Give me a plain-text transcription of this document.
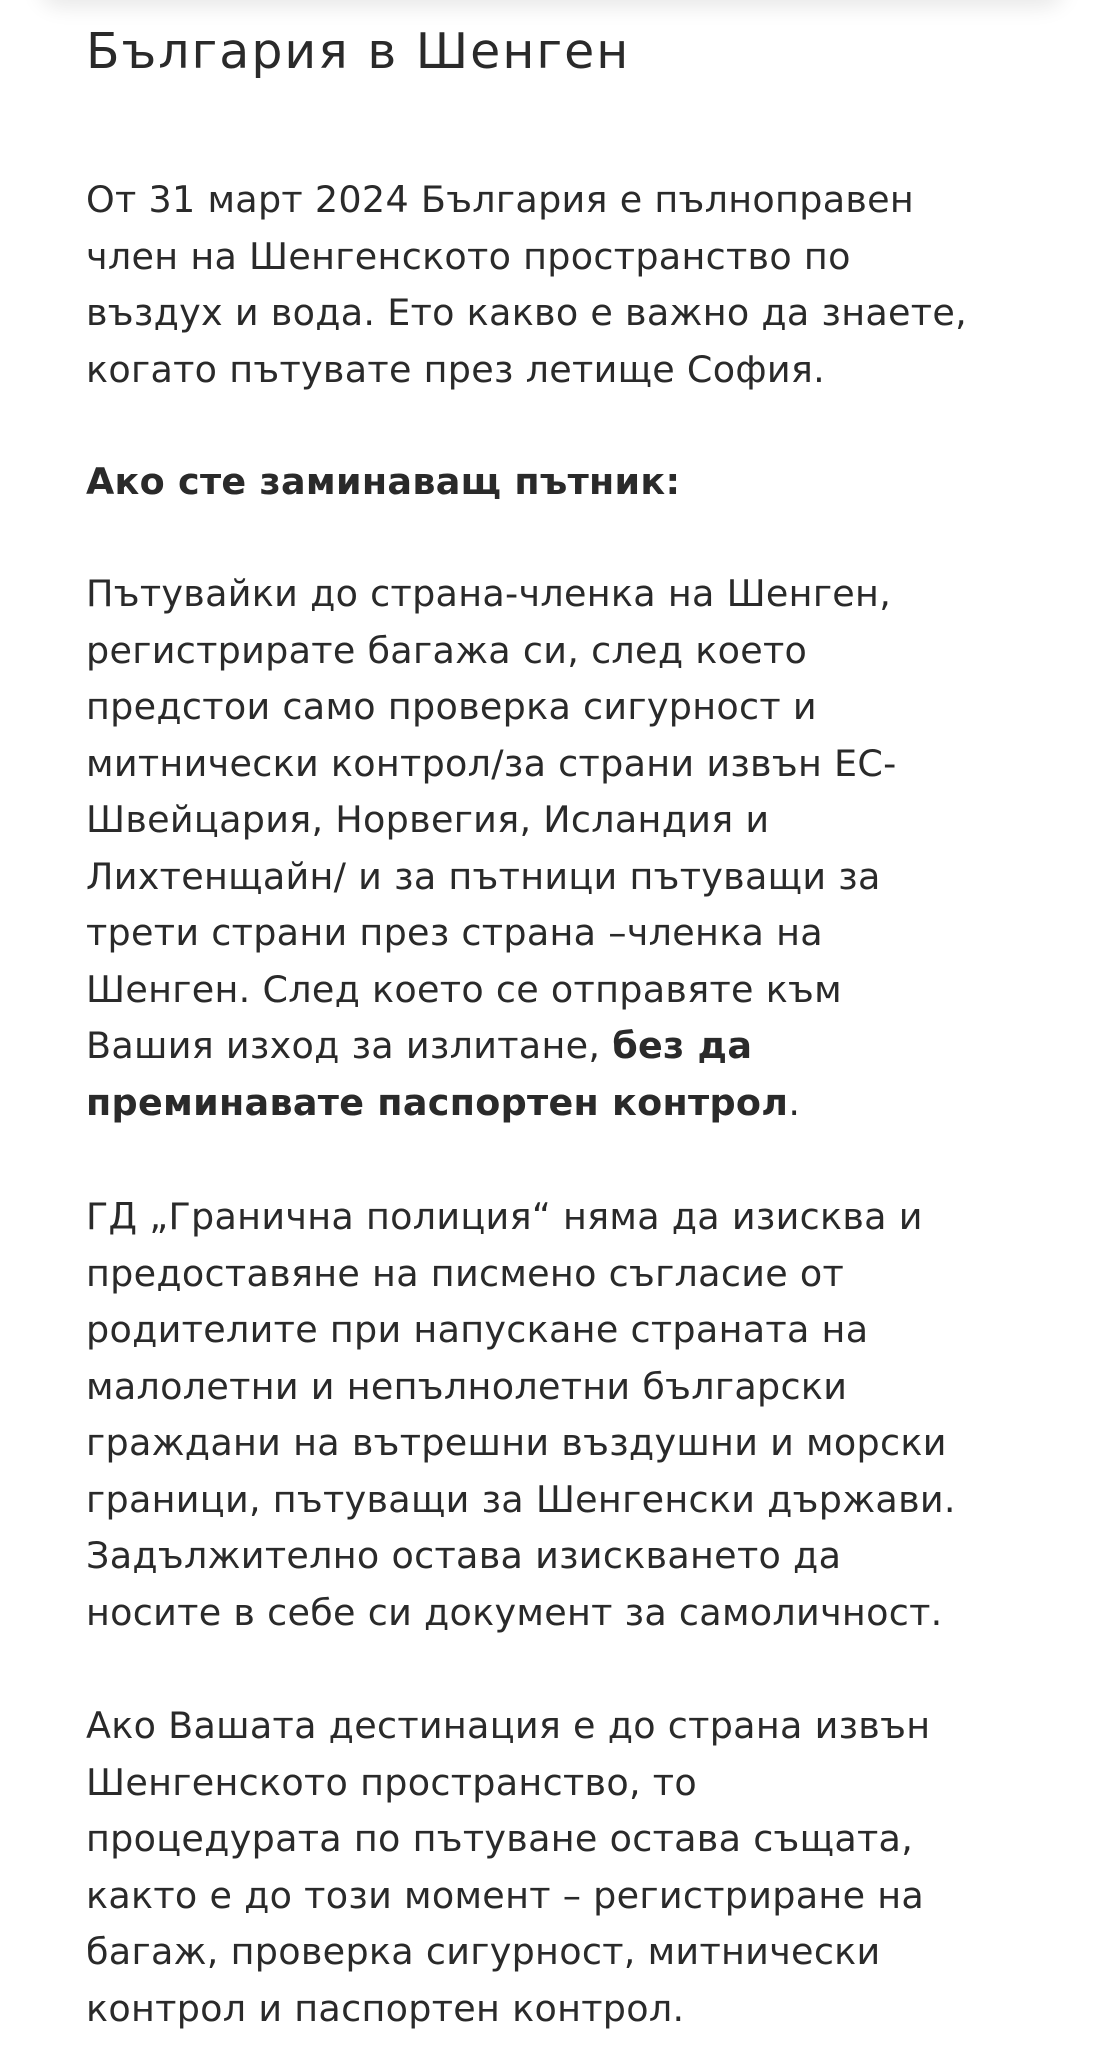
България в Шенген

От 31 март 2024 България е пълноправен
член на Шенгенското пространство по
въздух и вода. Ето какво е важно да знаете,
когато пътувате през летище София.

Ако сте заминаващ пътник:

Пътувайки до страна-членка на Шенген,
регистрирате багажа си, след което
предстои само проверка сигурност и
митнически контрол/за страни извън ЕС-
Швейцария, Норвегия, Исландия и
Лихтенщайн/ и за пътници пътуващи за
трети страни през страна –членка на
Шенген. След което се отправяте към
Вашия изход за излитане, без да
преминавате паспортен контрол.

ГД „Гранична полиция“ няма да изисква и
предоставяне на писмено съгласие от
родителите при напускане страната на
малолетни и непълнолетни български
граждани на вътрешни въздушни и морски
граници, пътуващи за Шенгенски държави.
Задължително остава изискването да
носите в себе си документ за самоличност.

Ако Вашата дестинация е до страна извън
Шенгенското пространство, то
процедурата по пътуване остава същата,
както е до този момент – регистриране на
багаж, проверка сигурност, митнически
контрол и паспортен контрол.
